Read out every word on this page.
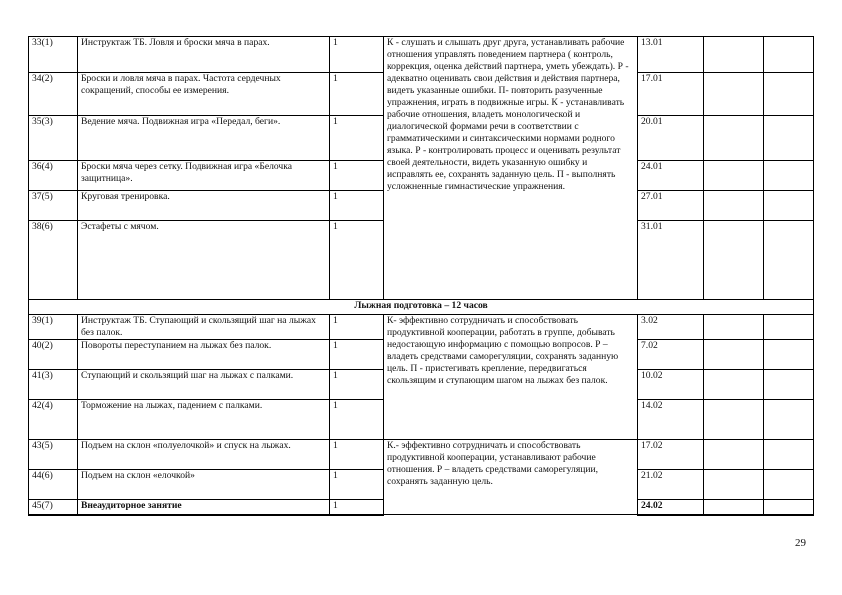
33(1)	Инструктаж ТБ. Ловля и броски мяча в парах.	1	К - слушать и слышать друг друга, устанавливать рабочие отношения управлять поведением партнера ( контроль, коррекция, оценка действий партнера, уметь убеждать). Р - адекватно оценивать свои действия и действия партнера, видеть указанные ошибки. П- повторить разученные упражнения, играть в подвижные игры. К - устанавливать рабочие отношения, владеть монологической и диалогической формами речи в соответствии с грамматическими и синтаксическими нормами родного языка. Р - контролировать процесс и оценивать результат своей деятельности, видеть указанную ошибку и исправлять ее, сохранять заданную цель. П - выполнять усложненные гимнастические упражнения.	13.01		
34(2)	Броски и ловля мяча в парах. Частота сердечных сокращений, способы ее измерения.	1		17.01		
35(3)	Ведение мяча. Подвижная игра «Передал, беги».	1		20.01		
36(4)	Броски мяча через сетку. Подвижная игра «Белочка защитница».	1		24.01		
37(5)	Круговая тренировка.	1		27.01		
38(6)	Эстафеты с мячом.	1		31.01		
Лыжная подготовка – 12 часов						
39(1)	Инструктаж ТБ. Ступающий и скользящий шаг на лыжах без палок.	1	К- эффективно сотрудничать и способствовать продуктивной кооперации, работать в группе, добывать недостающую информацию с помощью вопросов. Р – владеть средствами саморегуляции, сохранять заданную цель. П - пристегивать крепление, передвигаться скользящим и ступающим шагом на лыжах без палок.	3.02		
40(2)	Повороты переступанием на лыжах без палок.	1		7.02		
41(3)	Ступающий и скользящий шаг на лыжах с палками.	1		10.02		
42(4)	Торможение на лыжах, падением с палками.	1		14.02		
43(5)	Подъем на склон «полуелочкой» и спуск на лыжах.	1	К.- эффективно сотрудничать и способствовать продуктивной кооперации, устанавливают рабочие отношения. Р – владеть средствами саморегуляции, сохранять заданную цель.	17.02		
44(6)	Подъем на склон «елочкой»	1		21.02		
45(7)	Внеаудиторное занятие	1		24.02		
29
